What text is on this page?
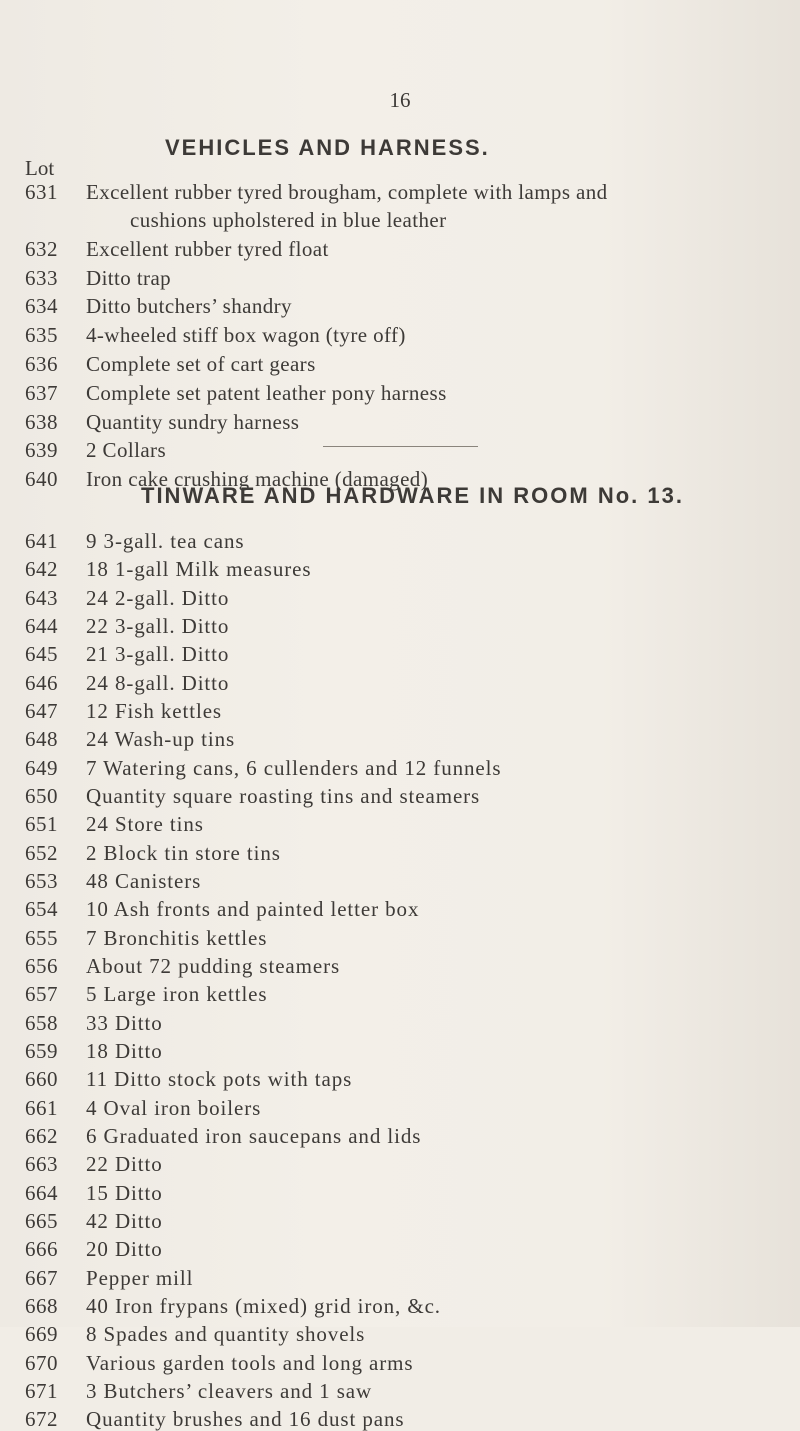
16
VEHICLES AND HARNESS.
Lot
TINWARE AND HARDWARE IN ROOM No. 13.
631 Excellent rubber tyred brougham, complete with lamps and
cushions upholstered in blue leather
632 Excellent rubber tyred float
633 Ditto trap
634 Ditto butchers’ shandry
635 4-wheeled stiff box wagon (tyre off)
636 Complete set of cart gears
637 Complete set patent leather pony harness
638 Quantity sundry harness
639 2 Collars
640 Iron cake crushing machine (damaged)
641 9 3-gall. tea cans
642 18 1-gall Milk measures
643 24 2-gall. Ditto
644 22 3-gall. Ditto
645 21 3-gall. Ditto
646 24 8-gall. Ditto
647 12 Fish kettles
648 24 Wash-up tins
649 7 Watering cans, 6 cullenders and 12 funnels
650 Quantity square roasting tins and steamers
651 24 Store tins
652 2 Block tin store tins
653 48 Canisters
654 10 Ash fronts and painted letter box
655 7 Bronchitis kettles
656 About 72 pudding steamers
657 5 Large iron kettles
658 33 Ditto
659 18 Ditto
660 11 Ditto stock pots with taps
661 4 Oval iron boilers
662 6 Graduated iron saucepans and lids
663 22 Ditto
664 15 Ditto
665 42 Ditto
666 20 Ditto
667 Pepper mill
668 40 Iron frypans (mixed) grid iron, &c.
669 8 Spades and quantity shovels
670 Various garden tools and long arms
671 3 Butchers’ cleavers and 1 saw
672 Quantity brushes and 16 dust pans
